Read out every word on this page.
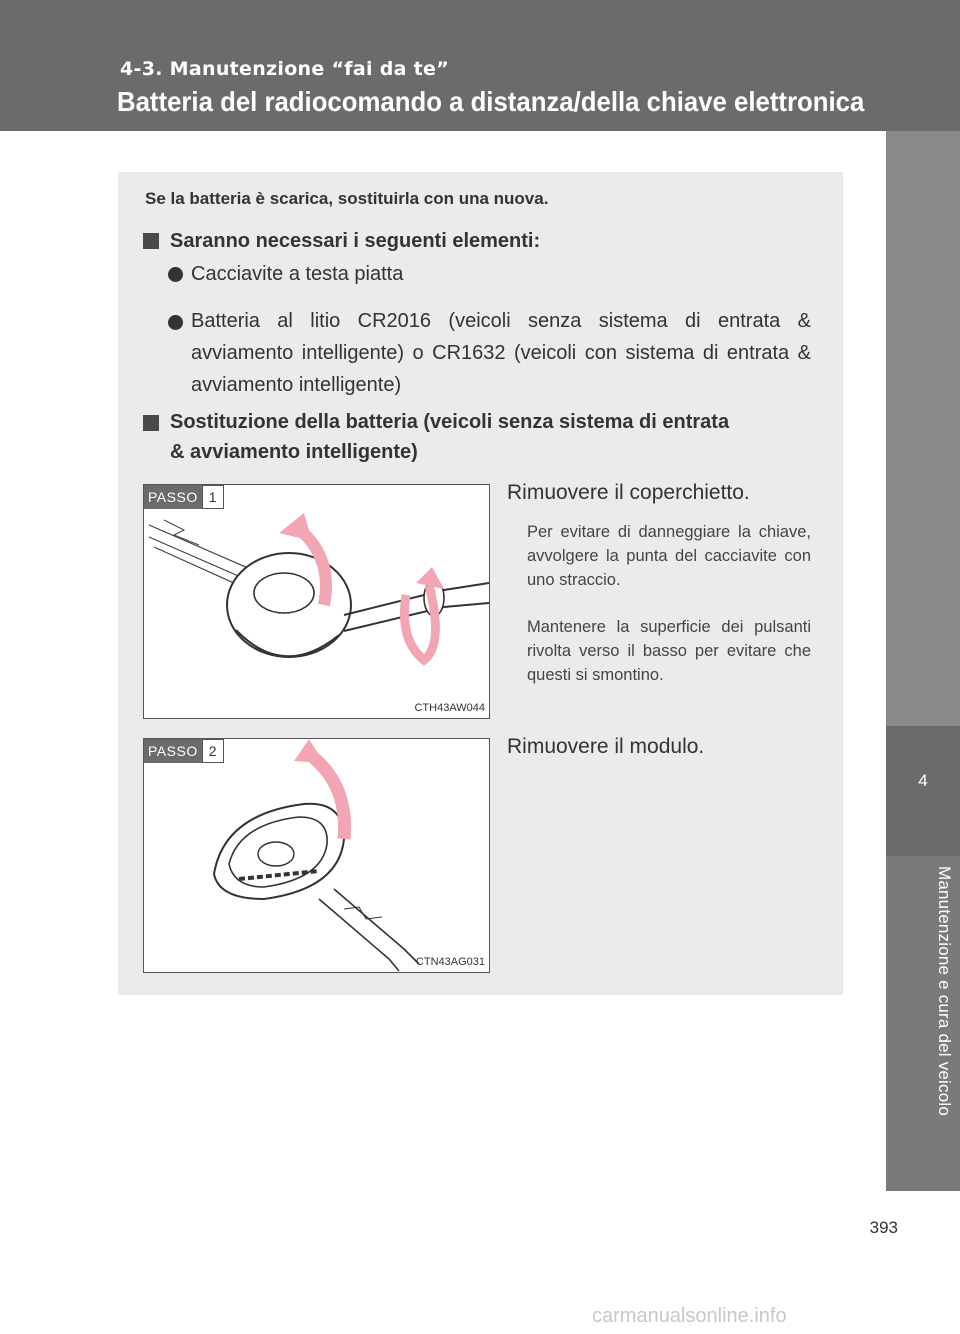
4-3. Manutenzione “fai da te”
Batteria del radiocomando a distanza/della chiave elettronica
4
Manutenzione e cura del veicolo
Se la batteria è scarica, sostituirla con una nuova.
Saranno necessari i seguenti elementi:
Cacciavite a testa piatta
Batteria al litio CR2016 (veicoli senza sistema di entrata & avviamento intelligente) o CR1632 (veicoli con sistema di entrata & avviamento intelligente)
Sostituzione della batteria (veicoli senza sistema di entrata
& avviamento intelligente)
PASSO 1
CTH43AW044
Rimuovere il coperchietto.
Per evitare di danneggiare la chiave, avvolgere la punta del cacciavite con uno straccio.
Mantenere la superficie dei pulsanti rivolta verso il basso per evitare che questi si smontino.
PASSO 2
CTN43AG031
Rimuovere il modulo.
393
carmanualsonline.info
